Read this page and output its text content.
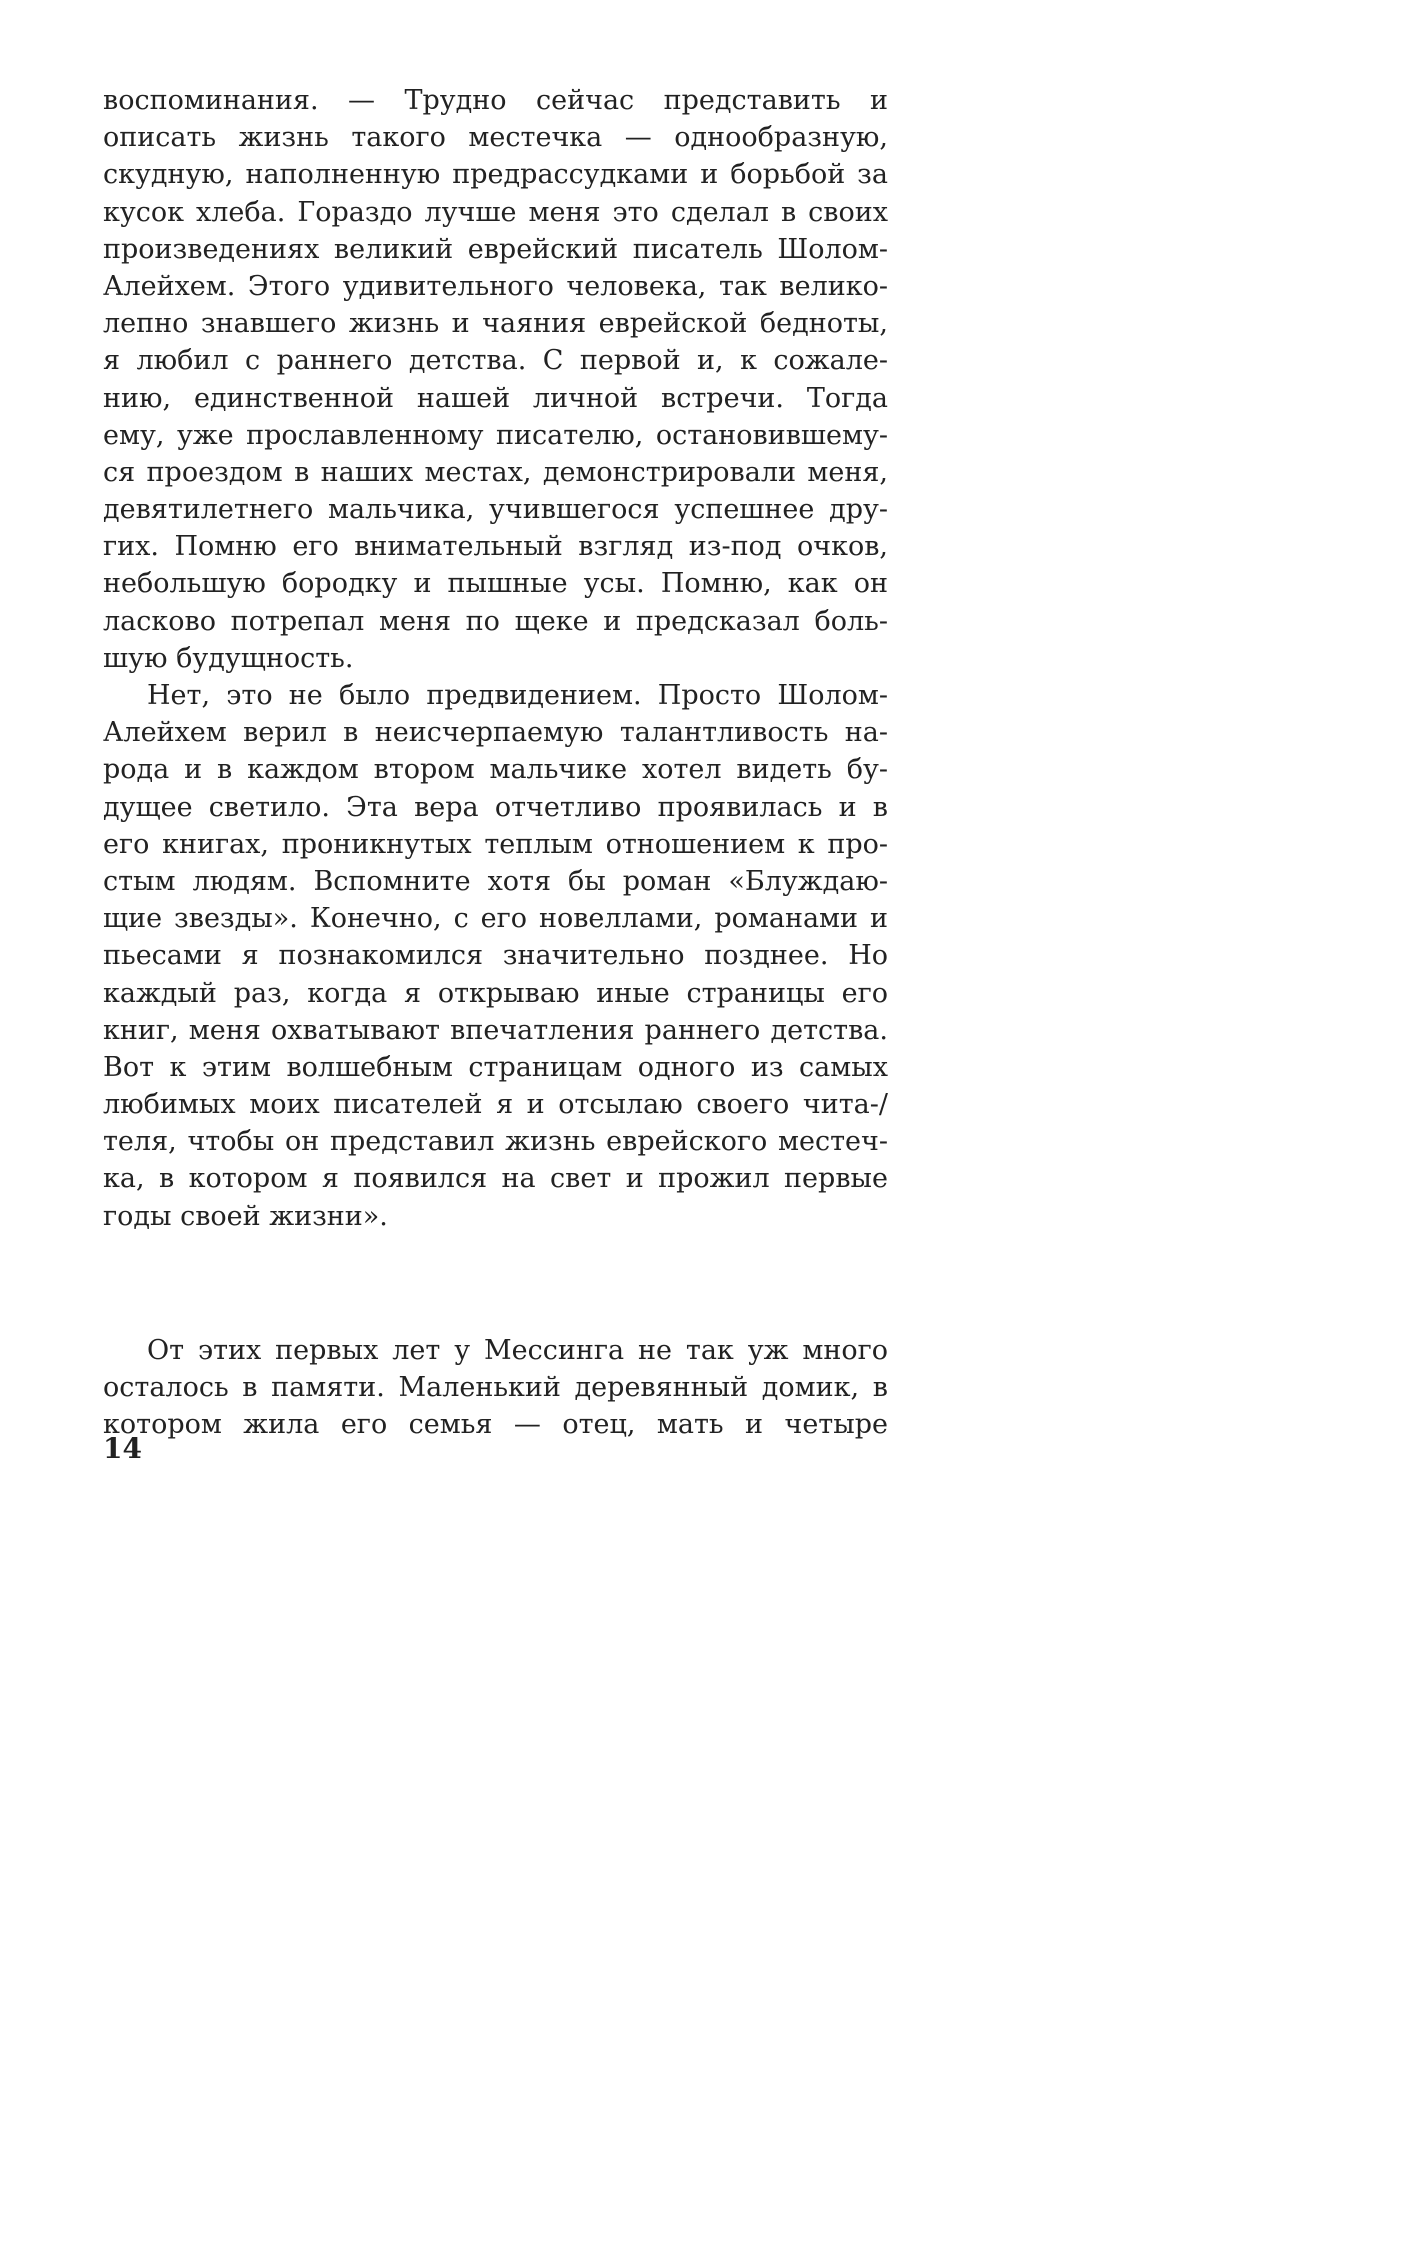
воспоминания. — Трудно сейчас представить и
описать жизнь такого местечка — однообразную,
скудную, наполненную предрассудками и борьбой за
кусок хлеба. Гораздо лучше меня это сделал в своих
произведениях великий еврейский писатель Шолом-
Алейхем. Этого удивительного человека, так велико-
лепно знавшего жизнь и чаяния еврейской бедноты,
я любил с раннего детства. С первой и, к сожале-
нию, единственной нашей личной встречи. Тогда
ему, уже прославленному писателю, остановившему-
ся проездом в наших местах, демонстрировали меня,
девятилетнего мальчика, учившегося успешнее дру-
гих. Помню его внимательный взгляд из-под очков,
небольшую бородку и пышные усы. Помню, как он
ласково потрепал меня по щеке и предсказал боль-
шую будущность.
Нет, это не было предвидением. Просто Шолом-
Алейхем верил в неисчерпаемую талантливость на-
рода и в каждом втором мальчике хотел видеть бу-
дущее светило. Эта вера отчетливо проявилась и в
его книгах, проникнутых теплым отношением к про-
стым людям. Вспомните хотя бы роман «Блуждаю-
щие звезды». Конечно, с его новеллами, романами и
пьесами я познакомился значительно позднее. Но
каждый раз, когда я открываю иные страницы его
книг, меня охватывают впечатления раннего детства.
Вот к этим волшебным страницам одного из самых
любимых моих писателей я и отсылаю своего чита-/
теля, чтобы он представил жизнь еврейского местеч-
ка, в котором я появился на свет и прожил первые
годы своей жизни».
От этих первых лет у Мессинга не так уж много
осталось в памяти. Маленький деревянный домик, в
котором жила его семья — отец, мать и четыре
14
